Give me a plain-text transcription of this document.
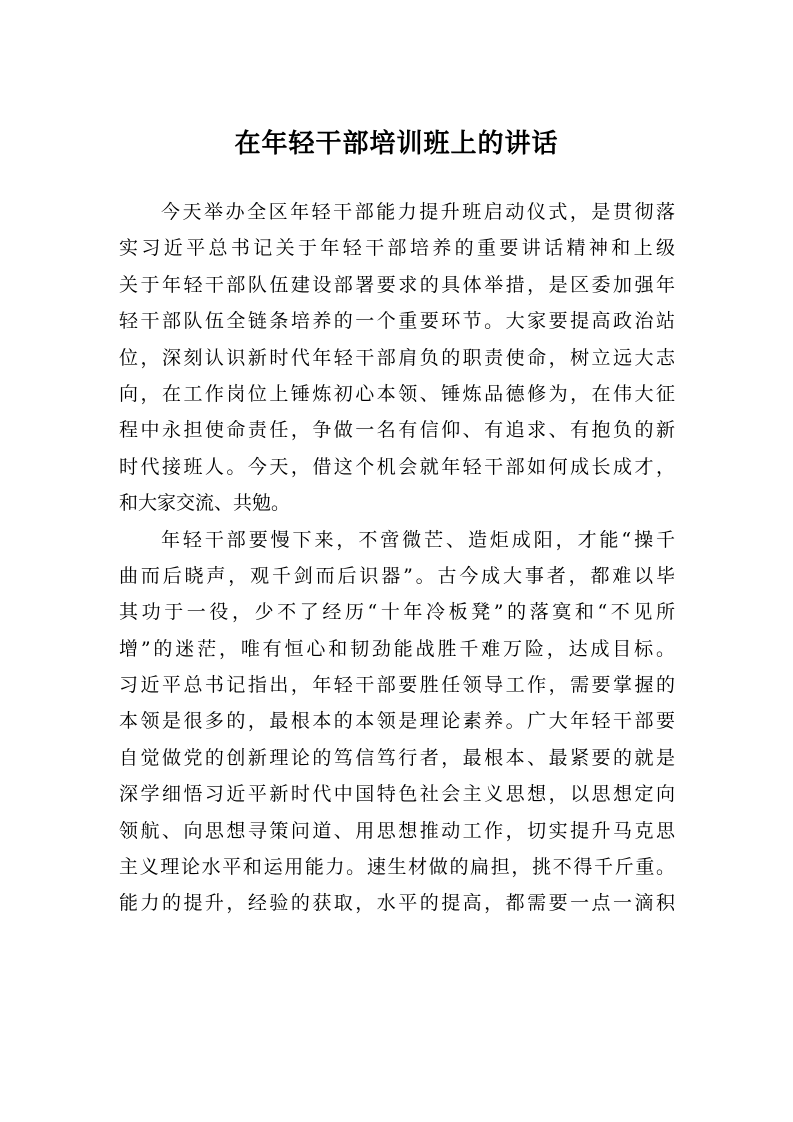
在年轻干部培训班上的讲话
今天举办全区年轻干部能力提升班启动仪式，是贯彻落
实习近平总书记关于年轻干部培养的重要讲话精神和上级
关于年轻干部队伍建设部署要求的具体举措，是区委加强年
轻干部队伍全链条培养的一个重要环节。大家要提高政治站
位，深刻认识新时代年轻干部肩负的职责使命，树立远大志
向，在工作岗位上锤炼初心本领、锤炼品德修为，在伟大征
程中永担使命责任，争做一名有信仰、有追求、有抱负的新
时代接班人。今天，借这个机会就年轻干部如何成长成才，
和大家交流、共勉。
年轻干部要慢下来，不啻微芒、造炬成阳，才能“操千
曲而后晓声，观千剑而后识器”。古今成大事者，都难以毕
其功于一役，少不了经历“十年冷板凳”的落寞和“不见所
增”的迷茫，唯有恒心和韧劲能战胜千难万险，达成目标。
习近平总书记指出，年轻干部要胜任领导工作，需要掌握的
本领是很多的，最根本的本领是理论素养。广大年轻干部要
自觉做党的创新理论的笃信笃行者，最根本、最紧要的就是
深学细悟习近平新时代中国特色社会主义思想，以思想定向
领航、向思想寻策问道、用思想推动工作，切实提升马克思
主义理论水平和运用能力。速生材做的扁担，挑不得千斤重。
能力的提升，经验的获取，水平的提高，都需要一点一滴积
